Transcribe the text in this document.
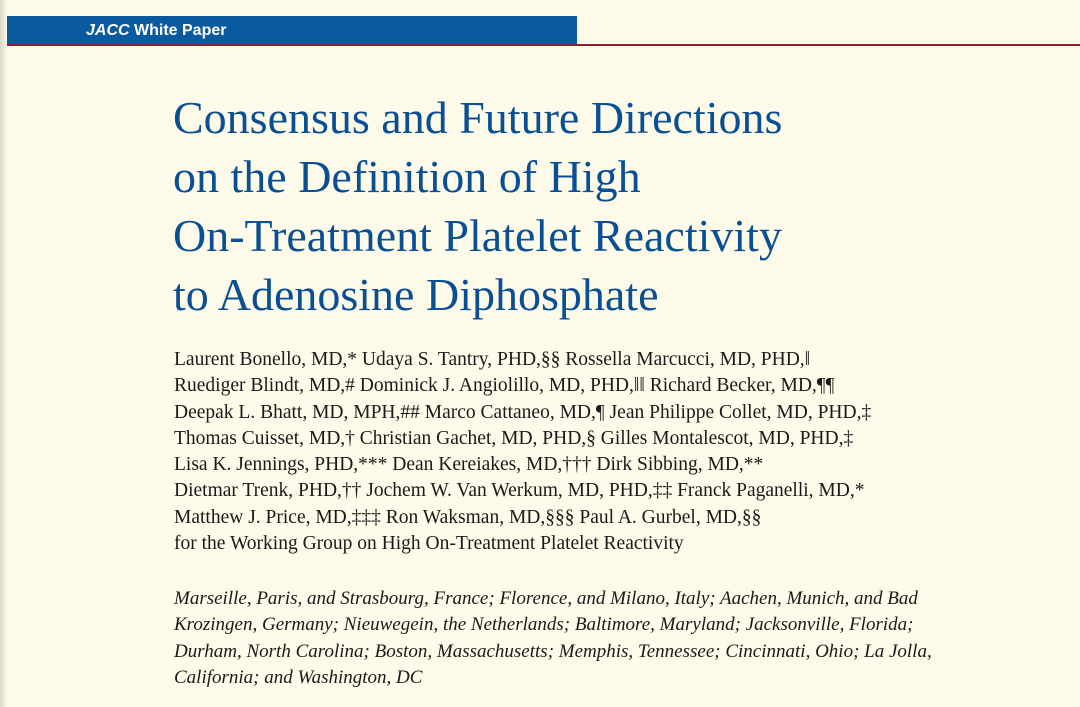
JACC White Paper
Consensus and Future Directions
on the Definition of High
On-Treatment Platelet Reactivity
to Adenosine Diphosphate
Laurent Bonello, MD,* Udaya S. Tantry, PHD,§§ Rossella Marcucci, MD, PHD,‖
Ruediger Blindt, MD,# Dominick J. Angiolillo, MD, PHD,‖‖ Richard Becker, MD,¶¶
Deepak L. Bhatt, MD, MPH,## Marco Cattaneo, MD,¶ Jean Philippe Collet, MD, PHD,‡
Thomas Cuisset, MD,† Christian Gachet, MD, PHD,§ Gilles Montalescot, MD, PHD,‡
Lisa K. Jennings, PHD,*** Dean Kereiakes, MD,††† Dirk Sibbing, MD,**
Dietmar Trenk, PHD,†† Jochem W. Van Werkum, MD, PHD,‡‡ Franck Paganelli, MD,*
Matthew J. Price, MD,‡‡‡ Ron Waksman, MD,§§§ Paul A. Gurbel, MD,§§
for the Working Group on High On-Treatment Platelet Reactivity
Marseille, Paris, and Strasbourg, France; Florence, and Milano, Italy; Aachen, Munich, and Bad
Krozingen, Germany; Nieuwegein, the Netherlands; Baltimore, Maryland; Jacksonville, Florida;
Durham, North Carolina; Boston, Massachusetts; Memphis, Tennessee; Cincinnati, Ohio; La Jolla,
California; and Washington, DC
